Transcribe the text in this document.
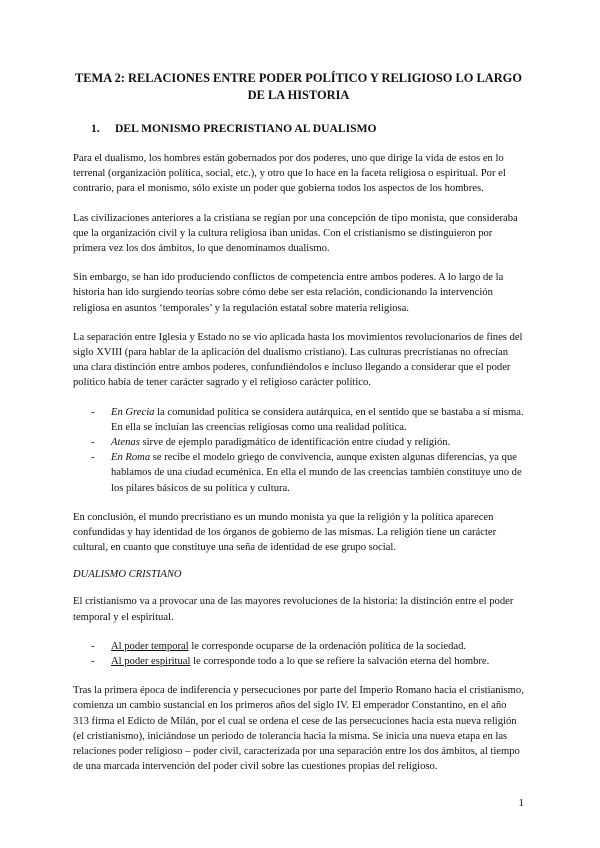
TEMA 2: RELACIONES ENTRE PODER POLÍTICO Y RELIGIOSO LO LARGO DE LA HISTORIA
1.	DEL MONISMO PRECRISTIANO AL DUALISMO

Para el dualismo, los hombres están gobernados por dos poderes, uno que dirige la vida de estos en lo terrenal (organización política, social, etc.), y otro que lo hace en la faceta religiosa o espiritual. Por el contrario, para el monismo, sólo existe un poder que gobierna todos los aspectos de los hombres.

Las civilizaciones anteriores a la cristiana se regían por una concepción de tipo monista, que consideraba que la organización civil y la cultura religiosa iban unidas. Con el cristianismo se distinguieron por primera vez los dos ámbitos, lo que denominamos dualismo.

Sin embargo, se han ido produciendo conflictos de competencia entre ambos poderes. A lo largo de la historia han ido surgiendo teorías sobre cómo debe ser esta relación, condicionando la intervención religiosa en asuntos ‘temporales’ y la regulación estatal sobre materia religiosa.

La separación entre Iglesia y Estado no se vio aplicada hasta los movimientos revolucionarios de fines del siglo XVIII (para hablar de la aplicación del dualismo cristiano). Las culturas precristianas no ofrecían una clara distinción entre ambos poderes, confundiéndolos e incluso llegando a considerar que el poder político había de tener carácter sagrado y el religioso carácter político.

- En Grecia la comunidad política se considera autárquica, en el sentido que se bastaba a sí misma. En ella se incluían las creencias religiosas como una realidad política.
- Atenas sirve de ejemplo paradigmático de identificación entre ciudad y religión.
- En Roma se recibe el modelo griego de convivencia, aunque existen algunas diferencias, ya que hablamos de una ciudad ecuménica. En ella el mundo de las creencias también constituye uno de los pilares básicos de su política y cultura.

En conclusión, el mundo precristiano es un mundo monista ya que la religión y la política aparecen confundidas y hay identidad de los órganos de gobierno de las mismas. La religión tiene un carácter cultural, en cuanto que constituye una seña de identidad de ese grupo social.

DUALISMO CRISTIANO

El cristianismo va a provocar una de las mayores revoluciones de la historia: la distinción entre el poder temporal y el espiritual.

- Al poder temporal le corresponde ocuparse de la ordenación política de la sociedad.
- Al poder espiritual le corresponde todo a lo que se refiere la salvación eterna del hombre.

Tras la primera época de indiferencia y persecuciones por parte del Imperio Romano hacia el cristianismo, comienza un cambio sustancial en los primeros años del siglo IV. El emperador Constantino, en el año 313 firma el Edicto de Milán, por el cual se ordena el cese de las persecuciones hacia esta nueva religión (el cristianismo), iniciándose un periodo de tolerancia hacia la misma. Se inicia una nueva etapa en las relaciones poder religioso – poder civil, caracterizada por una separación entre los dos ámbitos, al tiempo de una marcada intervención del poder civil sobre las cuestiones propias del religioso.

1
